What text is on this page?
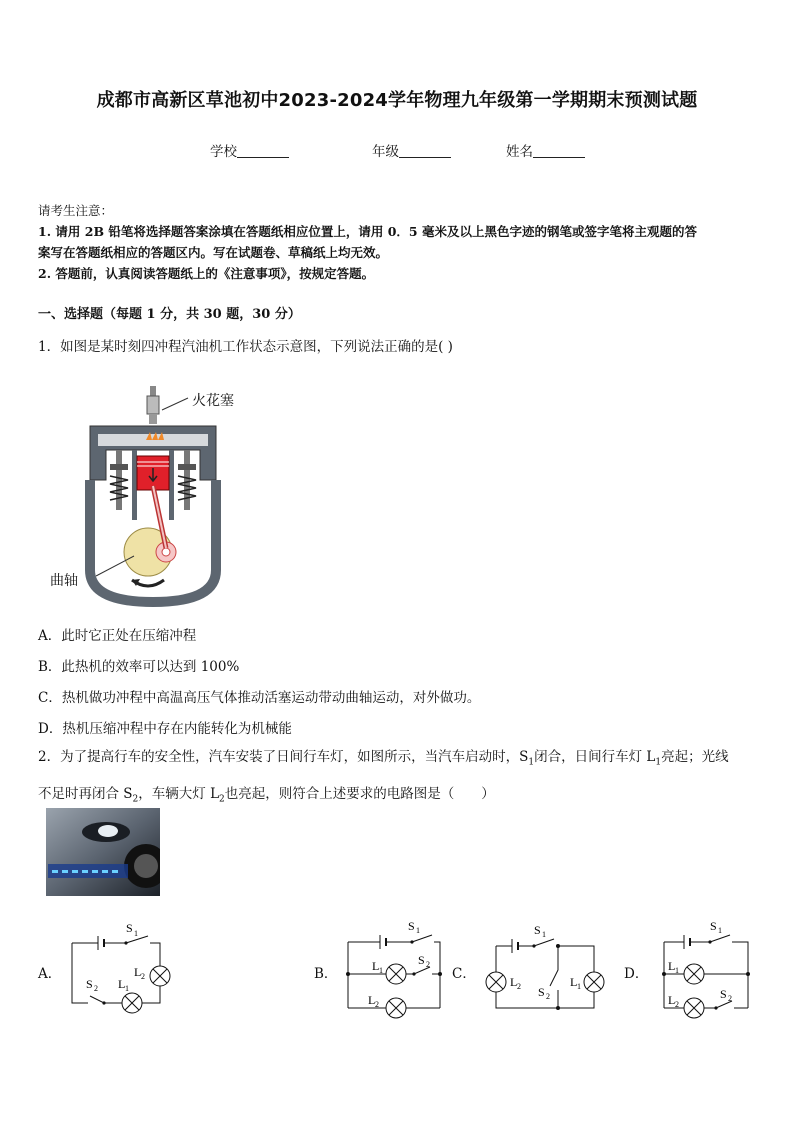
成都市高新区草池初中2023-2024学年物理九年级第一学期期末预测试题
学校	年级	姓名
请考生注意：
1. 请用 2B 铅笔将选择题答案涂填在答题纸相应位置上，请用 0．5 毫米及以上黑色字迹的钢笔或签字笔将主观题的答
案写在答题纸相应的答题区内。写在试题卷、草稿纸上均无效。
2. 答题前，认真阅读答题纸上的《注意事项》，按规定答题。
一、选择题（每题 1 分，共 30 题，30 分）
1．如图是某时刻四冲程汽油机工作状态示意图，下列说法正确的是( )
火花塞
曲轴
A．此时它正处在压缩冲程
B．此热机的效率可以达到 100%
C．热机做功冲程中高温高压气体推动活塞运动带动曲轴运动，对外做功。
D．热机压缩冲程中存在内能转化为机械能
2．为了提高行车的安全性，汽车安装了日间行车灯，如图所示，当汽车启动时，$S_1$闭合，日间行车灯 $L_1$亮起；光线
不足时再闭合 $S_2$，车辆大灯 $L_2$也亮起，则符合上述要求的电路图是（　　）
A．	B．	C．	D．
S 1
L 2
L 1
S 2
S 1
L 1
S 2
L 2
S 1
L 2 S 2
L 1
S 1
L 1
L 2
S 2
